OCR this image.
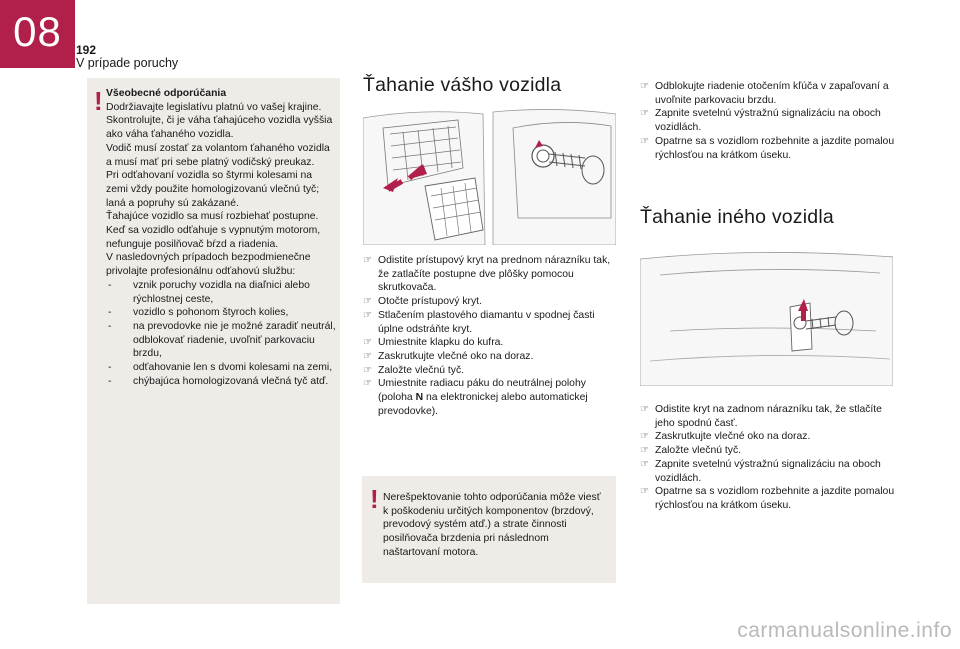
08	192
V prípade poruchy
! Všeobecné odporúčania

Dodržiavajte legislatívu platnú vo vašej krajine.

Skontrolujte, či je váha ťahajúceho vozidla vyššia ako váha ťahaného vozidla.

Vodič musí zostať za volantom ťahaného vozidla a musí mať pri sebe platný vodičský preukaz.

Pri odťahovaní vozidla so štyrmi kolesami na zemi vždy použite homologizovanú vlečnú tyč; laná a popruhy sú zakázané.

Ťahajúce vozidlo sa musí rozbiehať postupne.

Keď sa vozidlo odťahuje s vypnutým motorom, nefunguje posilňovač bŕzd a riadenia.

V nasledovných prípadoch bezpodmienečne privolajte profesionálnu odťahovú službu:

- vznik poruchy vozidla na diaľnici alebo rýchlostnej ceste,
- vozidlo s pohonom štyroch kolies,
- na prevodovke nie je možné zaradiť neutrál, odblokovať riadenie, uvoľniť parkovaciu brzdu,
- odťahovanie len s dvomi kolesami na zemi,
- chýbajúca homologizovaná vlečná tyč atď.
Ťahanie vášho vozidla
☞ Odistite prístupový kryt na prednom nárazníku tak, že zatlačíte postupne dve plôšky pomocou skrutkovača.
☞ Otočte prístupový kryt.
☞ Stlačením plastového diamantu v spodnej časti úplne odstráňte kryt.
☞ Umiestnite klapku do kufra.
☞ Zaskrutkujte vlečné oko na doraz.
☞ Založte vlečnú tyč.
☞ Umiestnite radiacu páku do neutrálnej polohy (poloha N na elektronickej alebo automatickej prevodovke).
! Nerešpektovanie tohto odporúčania môže viesť k poškodeniu určitých komponentov (brzdový, prevodový systém atď.) a strate činnosti posilňovača brzdenia pri následnom naštartovaní motora.
☞ Odblokujte riadenie otočením kľúča v zapaľovaní a uvoľnite parkovaciu brzdu.
☞ Zapnite svetelnú výstražnú signalizáciu na oboch vozidlách.
☞ Opatrne sa s vozidlom rozbehnite a jazdite pomalou rýchlosťou na krátkom úseku.
Ťahanie iného vozidla
☞ Odistite kryt na zadnom nárazníku tak, že stlačíte jeho spodnú časť.
☞ Zaskrutkujte vlečné oko na doraz.
☞ Založte vlečnú tyč.
☞ Zapnite svetelnú výstražnú signalizáciu na oboch vozidlách.
☞ Opatrne sa s vozidlom rozbehnite a jazdite pomalou rýchlosťou na krátkom úseku.
carmanualsonline.info
